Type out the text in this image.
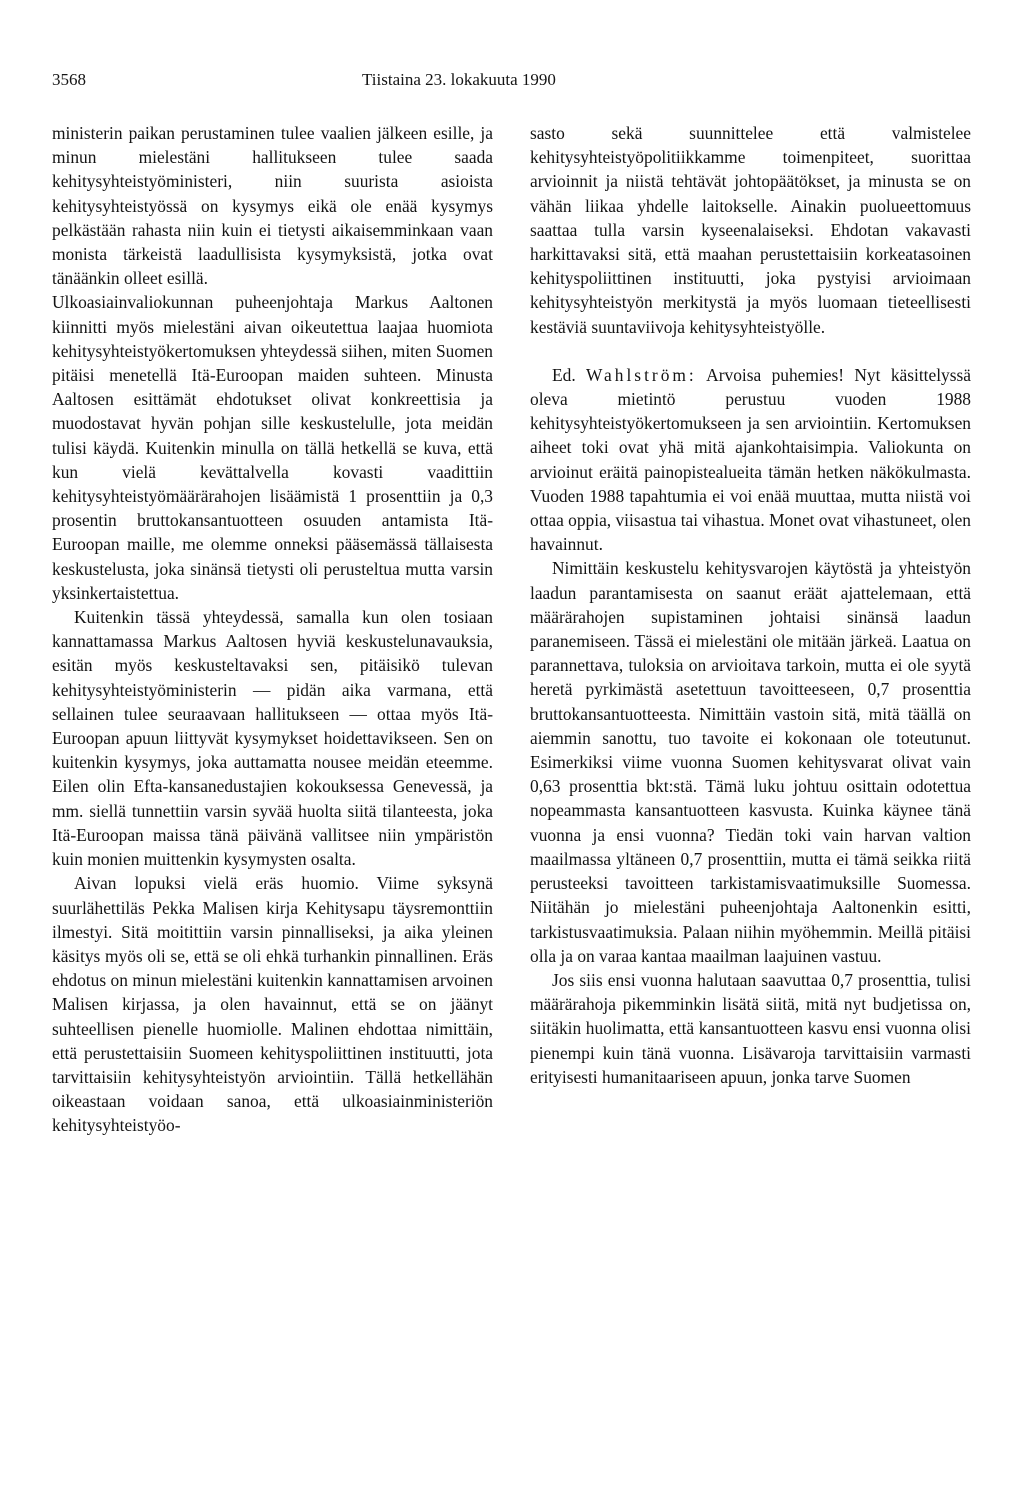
3568	Tiistaina 23. lokakuuta 1990

ministerin paikan perustaminen tulee vaalien jälkeen esille, ja minun mielestäni hallitukseen tulee saada kehitysyhteistyöministeri, niin suurista asioista kehitysyhteistyössä on kysymys eikä ole enää kysymys pelkästään rahasta niin kuin ei tietysti aikaisemminkaan vaan monista tärkeistä laadullisista kysymyksistä, jotka ovat tänäänkin olleet esillä.

Ulkoasiainvaliokunnan puheenjohtaja Markus Aaltonen kiinnitti myös mielestäni aivan oikeutettua laajaa huomiota kehitysyhteistyökertomuksen yhteydessä siihen, miten Suomen pitäisi menetellä Itä-Euroopan maiden suhteen. Minusta Aaltosen esittämät ehdotukset olivat konkreettisia ja muodostavat hyvän pohjan sille keskustelulle, jota meidän tulisi käydä. Kuitenkin minulla on tällä hetkellä se kuva, että kun vielä kevättalvella kovasti vaadittiin kehitysyhteistyömäärärahojen lisäämistä 1 prosenttiin ja 0,3 prosentin bruttokansantuotteen osuuden antamista Itä-Euroopan maille, me olemme onneksi pääsemässä tällaisesta keskustelusta, joka sinänsä tietysti oli perusteltua mutta varsin yksinkertaistettua.

Kuitenkin tässä yhteydessä, samalla kun olen tosiaan kannattamassa Markus Aaltosen hyviä keskustelunavauksia, esitän myös keskusteltavaksi sen, pitäisikö tulevan kehitysyhteistyöministerin — pidän aika varmana, että sellainen tulee seuraavaan hallitukseen — ottaa myös Itä-Euroopan apuun liittyvät kysymykset hoidettavikseen. Sen on kuitenkin kysymys, joka auttamatta nousee meidän eteemme. Eilen olin Efta-kansanedustajien kokouksessa Genevessä, ja mm. siellä tunnettiin varsin syvää huolta siitä tilanteesta, joka Itä-Euroopan maissa tänä päivänä vallitsee niin ympäristön kuin monien muittenkin kysymysten osalta.

Aivan lopuksi vielä eräs huomio. Viime syksynä suurlähettiläs Pekka Malisen kirja Kehitysapu täysremonttiin ilmestyi. Sitä moitittiin varsin pinnalliseksi, ja aika yleinen käsitys myös oli se, että se oli ehkä turhankin pinnallinen. Eräs ehdotus on minun mielestäni kuitenkin kannattamisen arvoinen Malisen kirjassa, ja olen havainnut, että se on jäänyt suhteellisen pienelle huomiolle. Malinen ehdottaa nimittäin, että perustettaisiin Suomeen kehityspoliittinen instituutti, jota tarvittaisiin kehitysyhteistyön arviointiin. Tällä hetkellähän oikeastaan voidaan sanoa, että ulkoasiainministeriön kehitysyhteistyöo-

sasto sekä suunnittelee että valmistelee kehitysyhteistyöpolitiikkamme toimenpiteet, suorittaa arvioinnit ja niistä tehtävät johtopäätökset, ja minusta se on vähän liikaa yhdelle laitokselle. Ainakin puolueettomuus saattaa tulla varsin kyseenalaiseksi. Ehdotan vakavasti harkittavaksi sitä, että maahan perustettaisiin korkeatasoinen kehityspoliittinen instituutti, joka pystyisi arvioimaan kehitysyhteistyön merkitystä ja myös luomaan tieteellisesti kestäviä suuntaviivoja kehitysyhteistyölle.

Ed. Wahlström: Arvoisa puhemies! Nyt käsittelyssä oleva mietintö perustuu vuoden 1988 kehitysyhteistyökertomukseen ja sen arviointiin. Kertomuksen aiheet toki ovat yhä mitä ajankohtaisimpia. Valiokunta on arvioinut eräitä painopistealueita tämän hetken näkökulmasta. Vuoden 1988 tapahtumia ei voi enää muuttaa, mutta niistä voi ottaa oppia, viisastua tai vihastua. Monet ovat vihastuneet, olen havainnut.

Nimittäin keskustelu kehitysvarojen käytöstä ja yhteistyön laadun parantamisesta on saanut eräät ajattelemaan, että määrärahojen supistaminen johtaisi sinänsä laadun paranemiseen. Tässä ei mielestäni ole mitään järkeä. Laatua on parannettava, tuloksia on arvioitava tarkoin, mutta ei ole syytä heretä pyrkimästä asetettuun tavoitteeseen, 0,7 prosenttia bruttokansantuotteesta. Nimittäin vastoin sitä, mitä täällä on aiemmin sanottu, tuo tavoite ei kokonaan ole toteutunut. Esimerkiksi viime vuonna Suomen kehitysvarat olivat vain 0,63 prosenttia bkt:stä. Tämä luku johtuu osittain odotettua nopeammasta kansantuotteen kasvusta. Kuinka käynee tänä vuonna ja ensi vuonna? Tiedän toki vain harvan valtion maailmassa yltäneen 0,7 prosenttiin, mutta ei tämä seikka riitä perusteeksi tavoitteen tarkistamisvaatimuksille Suomessa. Niitähän jo mielestäni puheenjohtaja Aaltonenkin esitti, tarkistusvaatimuksia. Palaan niihin myöhemmin. Meillä pitäisi olla ja on varaa kantaa maailman laajuinen vastuu.

Jos siis ensi vuonna halutaan saavuttaa 0,7 prosenttia, tulisi määrärahoja pikemminkin lisätä siitä, mitä nyt budjetissa on, siitäkin huolimatta, että kansantuotteen kasvu ensi vuonna olisi pienempi kuin tänä vuonna. Lisävaroja tarvittaisiin varmasti erityisesti humanitaariseen apuun, jonka tarve Suomen
